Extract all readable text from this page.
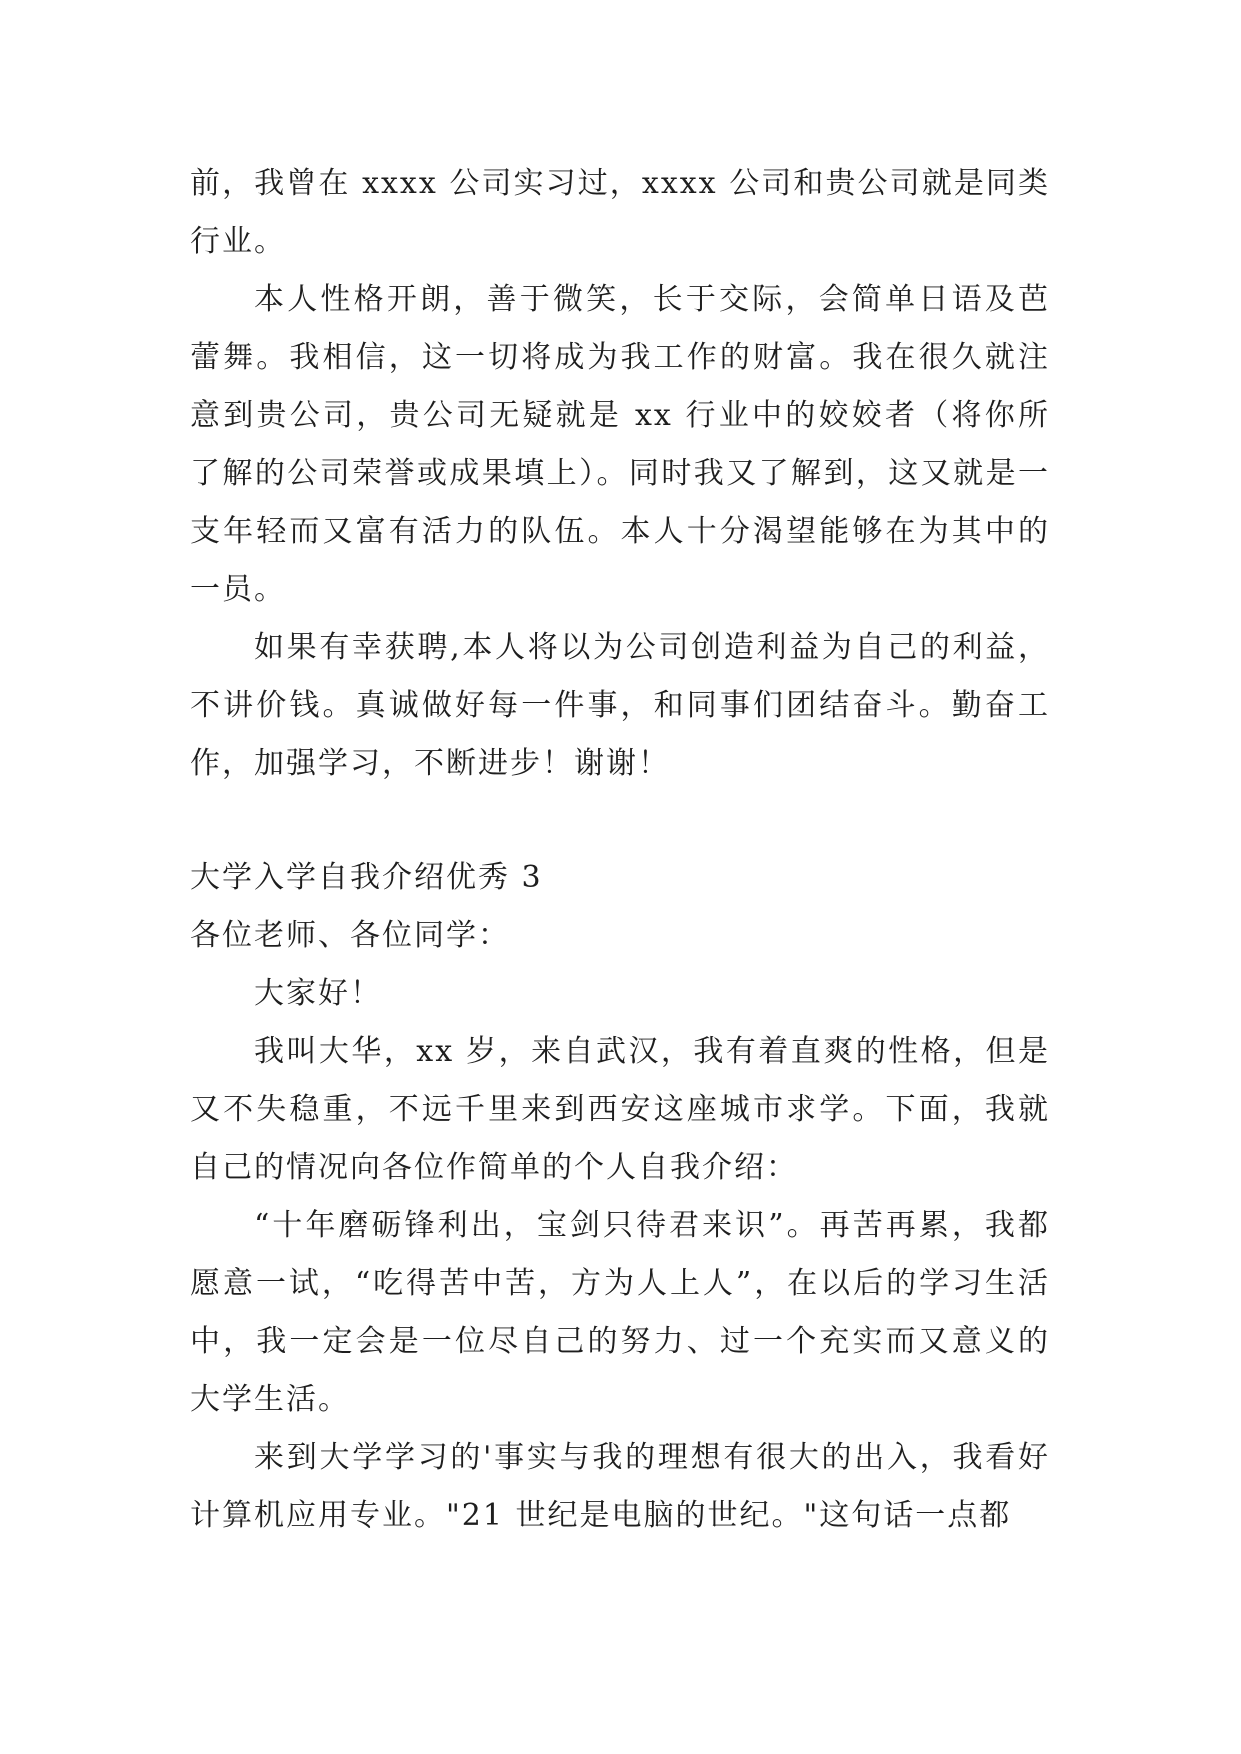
前，我曾在 xxxx 公司实习过，xxxx 公司和贵公司就是同类行业。

本人性格开朗，善于微笑，长于交际，会简单日语及芭蕾舞。我相信，这一切将成为我工作的财富。我在很久就注意到贵公司，贵公司无疑就是 xx 行业中的姣姣者（将你所了解的公司荣誉或成果填上）。同时我又了解到，这又就是一支年轻而又富有活力的队伍。本人十分渴望能够在为其中的一员。

如果有幸获聘,本人将以为公司创造利益为自己的利益，不讲价钱。真诚做好每一件事，和同事们团结奋斗。勤奋工作，加强学习，不断进步！谢谢！

大学入学自我介绍优秀 3

各位老师、各位同学：

大家好！

我叫大华，xx 岁，来自武汉，我有着直爽的性格，但是又不失稳重，不远千里来到西安这座城市求学。下面，我就自己的情况向各位作简单的个人自我介绍：

“十年磨砺锋利出，宝剑只待君来识”。再苦再累，我都愿意一试，“吃得苦中苦，方为人上人”，在以后的学习生活中，我一定会是一位尽自己的努力、过一个充实而又意义的大学生活。

来到大学学习的'事实与我的理想有很大的出入，我看好计算机应用专业。"21 世纪是电脑的世纪。"这句话一点都
